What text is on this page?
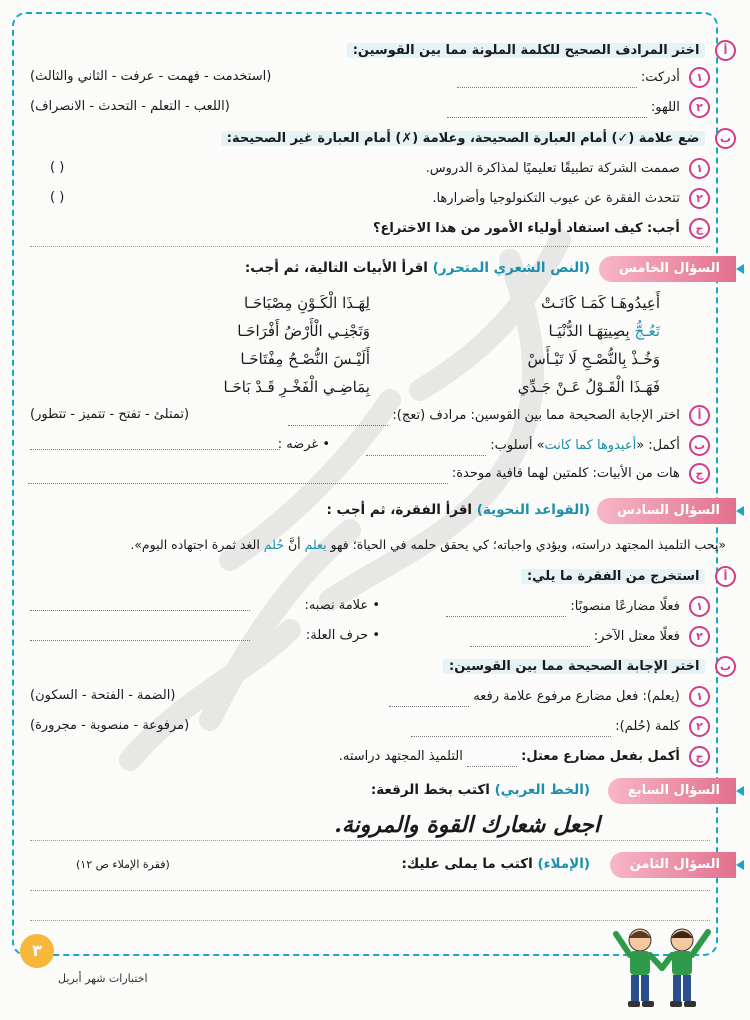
أ اختر المرادف الصحيح للكلمة الملونة مما بين القوسين:
١ أدركت:
(استخدمت - فهمت - عرفت - الثاني والثالث)
٢ اللهو:
(اللعب - التعلم - التحدث - الانصراف)
ب ضع علامة (✓) أمام العبارة الصحيحة، وعلامة (✗) أمام العبارة غير الصحيحة:
١ صممت الشركة تطبيقًا تعليميًا لمذاكرة الدروس.
( )
٢ تتحدث الفقرة عن عيوب التكنولوجيا وأضرارها.
( )
ج أجب: كيف استفاد أولياء الأمور من هذا الاختراع؟
السؤال الخامس
(النص الشعري المتحرر) اقرأ الأبيات التالية، ثم أجب:
أَعِيدُوهَـا كَمَـا كَانَـتْ
لِهَـذَا الْكَـوْنِ مِصْبَاحَـا
تَعُـجُّ بِصِيتِهَـا الدُّنْيَـا
وَتَجْنِـي الْأَرْضُ أَفْرَاحَـا
وَخُـذْ بِالنُّصْـحِ لَا تَيْـأَسْ
أَلَيْـسَ النُّصْـحُ مِفْتَاحَـا
فَهَـذَا الْقَـوْلُ عَـنْ جَـدِّي
بِمَاضِـي الْفَخْـرِ قَـدْ بَاحَـا
أ اختر الإجابة الصحيحة مما بين القوسين: مرادف (تعج):
(تمتلئ - تفتح - تتميز - تتطور)
ب أكمل: «أعيدوها كما كانت» أسلوب:
• غرضه :
ج هات من الأبيات: كلمتين لهما قافية موحدة:
السؤال السادس
(القواعد النحوية) اقرأ الفقرة، ثم أجب :
«يحب التلميذ المجتهد دراسته، ويؤدي واجباته؛ كي يحقق حلمه في الحياة؛ فهو يعلم أنَّ حُلم الغد ثمرة اجتهاده اليوم».
أ استخرج من الفقرة ما يلي:
١ فعلًا مضارعًا منصوبًا:
• علامة نصبه:
٢ فعلًا معتل الآخر:
• حرف العلة:
ب اختر الإجابة الصحيحة مما بين القوسين:
١ (يعلم): فعل مضارع مرفوع علامة رفعه
(الضمة - الفتحة - السكون)
٢ كلمة (حُلم):
(مرفوعة - منصوبة - مجرورة)
ج أكمل بفعل مضارع معتل:  التلميذ المجتهد دراسته.
السؤال السابع
(الخط العربي) اكتب بخط الرقعة:
اجعل شعارك القوة والمرونة.
السؤال الثامن
(الإملاء) اكتب ما يملى عليك:
(فقرة الإملاء ص ١٢)
٣
اختبارات شهر أبريل
